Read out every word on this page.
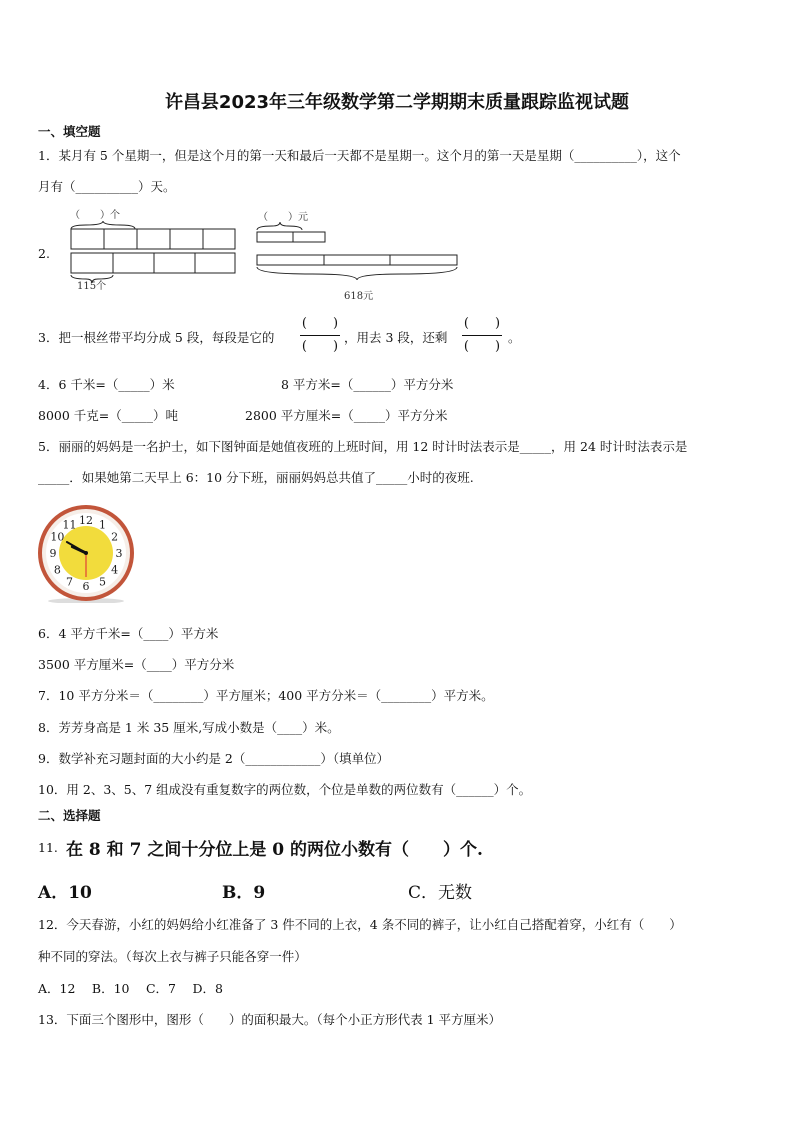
许昌县2023年三年级数学第二学期期末质量跟踪监视试题
一、填空题
1．某月有 5 个星期一，但是这个月的第一天和最后一天都不是星期一。这个月的第一天是星期（__________），这个
月有（__________）天。
2.
（　　）个
115个
（　　）元
618元
3．把一根丝带平均分成 5 段，每段是它的
(　　)
(　　)
，用去 3 段，还剩
(　　)
(　　)
。
4．6 千米=（_____）米	8 平方米=（______）平方分米
8000 千克=（_____）吨	2800 平方厘米=（_____）平方分米
5．丽丽的妈妈是一名护士，如下图钟面是她值夜班的上班时间，用 12 时计时法表示是_____，用 24 时计时法表示是
_____．如果她第二天早上 6：10 分下班，丽丽妈妈总共值了_____小时的夜班.
12 1
2
3
4
5
6
7
8
9
10
11
6．4 平方千米=（____）平方米
3500 平方厘米=（____）平方分米
7．10 平方分米＝（________）平方厘米；400 平方分米＝（________）平方米。
8．芳芳身高是 1 米 35 厘米,写成小数是（____）米。
9．数学补充习题封面的大小约是 2（____________）（填单位）
10．用 2、3、5、7 组成没有重复数字的两位数，个位是单数的两位数有（______）个。
二、选择题
11. 在 8 和 7 之间十分位上是 0 的两位小数有（　　）个.
A．10	B．9	C．无数
12．今天春游，小红的妈妈给小红准备了 3 件不同的上衣，4 条不同的裤子，让小红自己搭配着穿，小红有（　　）
种不同的穿法。（每次上衣与裤子只能各穿一件）
A．12　 B．10　 C．7　 D．8
13．下面三个图形中，图形（　　）的面积最大。（每个小正方形代表 1 平方厘米）
